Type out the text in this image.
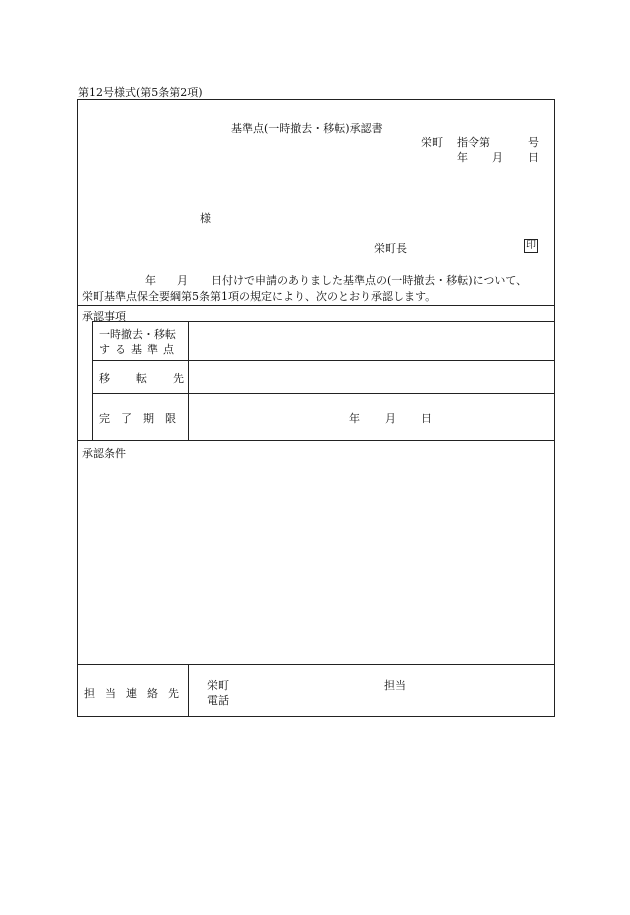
第12号様式(第5条第2項)
基準点(一時撤去・移転)承認書
栄町 指令第	号
年 月 日
様
栄町長	印
年 月 日付けで申請のありました基準点の(一時撤去・移転)について、
栄町基準点保全要綱第5条第1項の規定により、次のとおり承認します。
承認事項
一時撤去・移転
する基準点
移転先
完了期限	年 月 日
承認条件
担当連絡先
栄町	担当
電話
